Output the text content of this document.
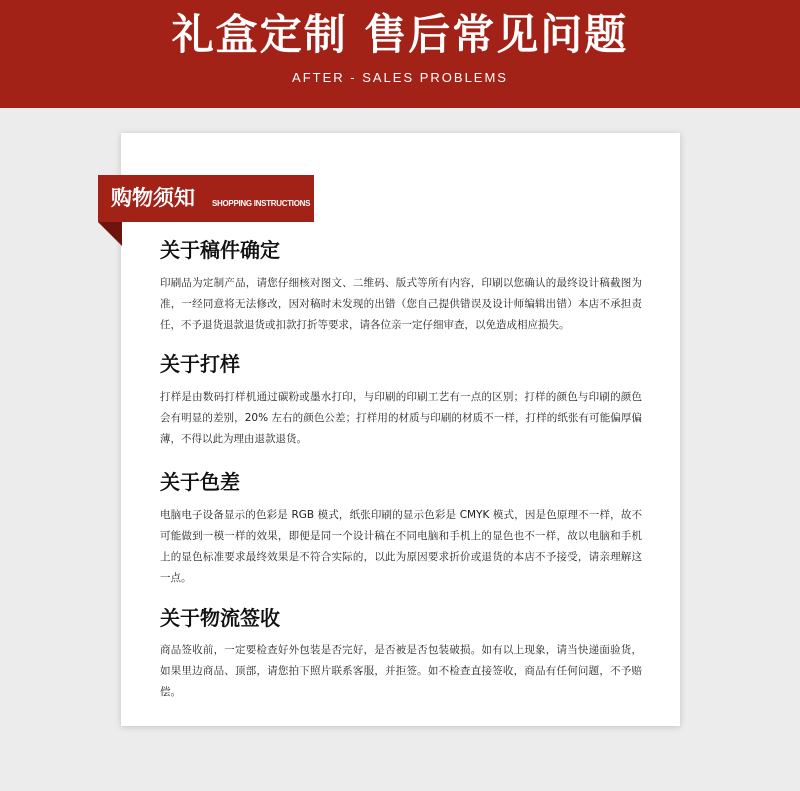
礼盒定制 售后常见问题
AFTER - SALES PROBLEMS
购物须知 SHOPPING INSTRUCTIONS
关于稿件确定
印刷品为定制产品，请您仔细核对图文、二维码、版式等所有内容，印刷以您确认的最终设计稿截图为准，一经同意将无法修改，因对稿时未发现的出错（您自己提供错误及设计师编辑出错）本店不承担责任，不予退货退款退货或扣款打折等要求，请各位亲一定仔细审查，以免造成相应损失。
关于打样
打样是由数码打样机通过碳粉或墨水打印，与印刷的印刷工艺有一点的区别；打样的颜色与印刷的颜色会有明显的差别，20% 左右的颜色公差；打样用的材质与印刷的材质不一样，打样的纸张有可能偏厚偏薄，不得以此为理由退款退货。
关于色差
电脑电子设备显示的色彩是 RGB 模式，纸张印刷的显示色彩是 CMYK 模式，因是色原理不一样，故不可能做到一模一样的效果，即便是同一个设计稿在不同电脑和手机上的显色也不一样，故以电脑和手机上的显色标准要求最终效果是不符合实际的，以此为原因要求折价或退货的本店不予接受，请亲理解这一点。
关于物流签收
商品签收前，一定要检查好外包装是否完好，是否被是否包装破损。如有以上现象，请当快递面验货，如果里边商品、顶部，请您拍下照片联系客服，并拒签。如不检查直接签收，商品有任何问题，不予赔偿。
